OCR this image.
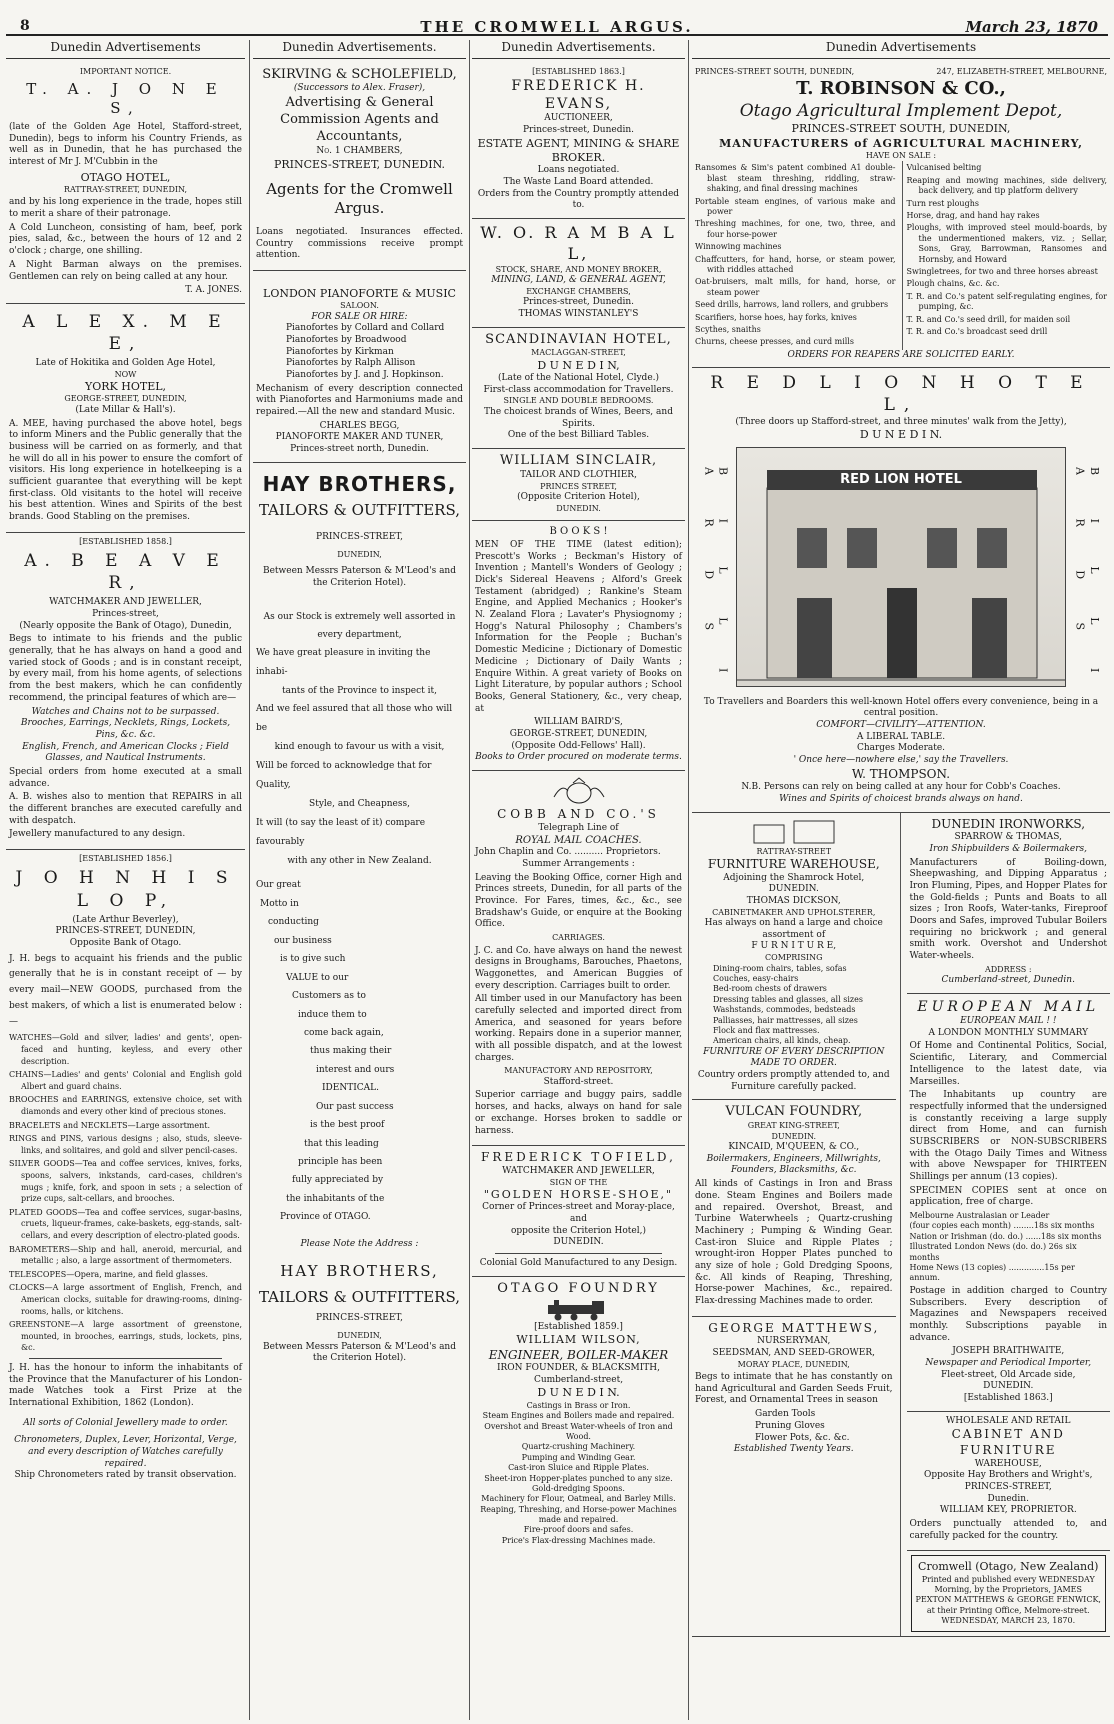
8	THE CROMWELL ARGUS.	March 23, 1870
Dunedin Advertisements
IMPORTANT NOTICE.
T. A. J O N E S,

(late of the Golden Age Hotel, Stafford-street, Dunedin), begs to inform his Country Friends, as well as in Dunedin, that he has purchased the interest of Mr J. M'Cubbin in the

OTAGO HOTEL,
RATTRAY-STREET, DUNEDIN,

and by his long experience in the trade, hopes still to merit a share of their patronage.

A Cold Luncheon, consisting of ham, beef, pork pies, salad, &c., between the hours of 12 and 2 o'clock ; charge, one shilling.

A Night Barman always on the premises. Gentlemen can rely on being called at any hour.

T. A. JONES.
A L E X. M E E,
Late of Hokitika and Golden Age Hotel,
NOW
YORK HOTEL,
GEORGE-STREET, DUNEDIN,
(Late Millar & Hall's).

A. MEE, having purchased the above hotel, begs to inform Miners and the Public generally that the business will be carried on as formerly, and that he will do all in his power to ensure the comfort of visitors. His long experience in hotelkeeping is a sufficient guarantee that everything will be kept first-class. Old visitants to the hotel will receive his best attention. Wines and Spirits of the best brands. Good Stabling on the premises.

[ESTABLISHED 1858.]
A. B E A V E R,
WATCHMAKER AND JEWELLER,
Princes-street,
(Nearly opposite the Bank of Otago), Dunedin,

Begs to intimate to his friends and the public generally, that he has always on hand a good and varied stock of Goods ; and is in constant receipt, by every mail, from his home agents, of selections from the best makers, which he can confidently recommend, the principal features of which are—

Watches and Chains not to be surpassed.
Brooches, Earrings, Necklets, Rings, Lockets, Pins, &c. &c.
English, French, and American Clocks ; Field Glasses, and Nautical Instruments.

Special orders from home executed at a small advance.

A. B. wishes also to mention that REPAIRS in all the different branches are executed carefully and with despatch.

Jewellery manufactured to any design.

[ESTABLISHED 1856.]
J O H N H I S L O P,
(Late Arthur Beverley),
PRINCES-STREET, DUNEDIN,
Opposite Bank of Otago.

J. H. begs to acquaint his friends and the public generally that he is in constant receipt of — by every mail—NEW GOODS, purchased from the best makers, of which a list is enumerated below :—

WATCHES—Gold and silver, ladies' and gents', open-faced and hunting, keyless, and every other description.

CHAINS—Ladies' and gents' Colonial and English gold Albert and guard chains.

BROOCHES and EARRINGS, extensive choice, set with diamonds and every other kind of precious stones.

BRACELETS and NECKLETS—Large assortment.

RINGS and PINS, various designs ; also, studs, sleeve-links, and solitaires, and gold and silver pencil-cases.

SILVER GOODS—Tea and coffee services, knives, forks, spoons, salvers, inkstands, card-cases, children's mugs ; knife, fork, and spoon in sets ; a selection of prize cups, salt-cellars, and brooches.

PLATED GOODS—Tea and coffee services, sugar-basins, cruets, liqueur-frames, cake-baskets, egg-stands, salt-cellars, and every description of electro-plated goods.

BAROMETERS—Ship and hall, aneroid, mercurial, and metallic ; also, a large assortment of thermometers.

TELESCOPES—Opera, marine, and field glasses.

CLOCKS—A large assortment of English, French, and American clocks, suitable for drawing-rooms, dining-rooms, halls, or kitchens.

GREENSTONE—A large assortment of greenstone, mounted, in brooches, earrings, studs, lockets, pins, &c.

J. H. has the honour to inform the inhabitants of the Province that the Manufacturer of his London-made Watches took a First Prize at the International Exhibition, 1862 (London).

All sorts of Colonial Jewellery made to order.
Chronometers, Duplex, Lever, Horizontal, Verge, and every description of Watches carefully repaired.
Ship Chronometers rated by transit observation.
Dunedin Advertisements.
SKIRVING & SCHOLEFIELD,
(Successors to Alex. Fraser),
Advertising & General Commission Agents and Accountants,
No. 1 CHAMBERS,
PRINCES-STREET, DUNEDIN.
Agents for the Cromwell Argus.

Loans negotiated. Insurances effected. Country commissions receive prompt attention.

LONDON PIANOFORTE & MUSIC
SALOON.
FOR SALE OR HIRE:
Pianofortes by Collard and Collard
Pianofortes by Broadwood
Pianofortes by Kirkman
Pianofortes by Ralph Allison
Pianofortes by J. and J. Hopkinson.

Mechanism of every description connected with Pianofortes and Harmoniums made and repaired.—All the new and standard Music.

CHARLES BEGG,
PIANOFORTE MAKER AND TUNER,
Princes-street north, Dunedin.
HAY BROTHERS,
TAILORS & OUTFITTERS,
PRINCES-STREET,
DUNEDIN,
Between Messrs Paterson & M'Leod's and the Criterion Hotel).
As our Stock is extremely well assorted in every department,
We have great pleasure in inviting the inhabi-
tants of the Province to inspect it,
And we feel assured that all those who will be
kind enough to favour us with a visit,
Will be forced to acknowledge that for Quality,
Style, and Cheapness,
It will (to say the least of it) compare favourably
with any other in New Zealand.
Our great
Motto in
conducting
our business
is to give such
VALUE to our
Customers as to
induce them to
come back again,
thus making their
interest and ours
IDENTICAL.
Our past success
is the best proof
that this leading
principle has been
fully appreciated by
the inhabitants of the
Province of OTAGO.
Please Note the Address :
HAY BROTHERS,
TAILORS & OUTFITTERS,
PRINCES-STREET,
DUNEDIN,
Between Messrs Paterson & M'Leod's and the Criterion Hotel).
Dunedin Advertisements.
[ESTABLISHED 1863.]
FREDERICK H. EVANS,
AUCTIONEER,
Princes-street, Dunedin.
ESTATE AGENT, MINING & SHARE BROKER.
Loans negotiated.
The Waste Land Board attended.
Orders from the Country promptly attended to.
W. O. R A M B A L L,
STOCK, SHARE, AND MONEY BROKER,
MINING, LAND, & GENERAL AGENT,
EXCHANGE CHAMBERS,
Princes-street, Dunedin.
THOMAS WINSTANLEY'S
SCANDINAVIAN HOTEL,
MACLAGGAN-STREET,
D U N E D I N,
(Late of the National Hotel, Clyde.)
First-class accommodation for Travellers.
SINGLE AND DOUBLE BEDROOMS.
The choicest brands of Wines, Beers, and Spirits.
One of the best Billiard Tables.
WILLIAM SINCLAIR,
TAILOR AND CLOTHIER,
PRINCES STREET,
(Opposite Criterion Hotel),
DUNEDIN.
B O O K S !

MEN OF THE TIME (latest edition); Prescott's Works ; Beckman's History of Invention ; Mantell's Wonders of Geology ; Dick's Sidereal Heavens ; Alford's Greek Testament (abridged) ; Rankine's Steam Engine, and Applied Mechanics ; Hooker's N. Zealand Flora ; Lavater's Physiognomy ; Hogg's Natural Philosophy ; Chambers's Information for the People ; Buchan's Domestic Medicine ; Dictionary of Domestic Medicine ; Dictionary of Daily Wants ; Enquire Within. A great variety of Books on Light Literature, by popular authors ; School Books, General Stationery, &c., very cheap, at

WILLIAM BAIRD'S,
GEORGE-STREET, DUNEDIN,
(Opposite Odd-Fellows' Hall).
Books to Order procured on moderate terms.
COBB AND CO.'S
Telegraph Line of
ROYAL MAIL COACHES.
John Chaplin and Co. .......... Proprietors.
Summer Arrangements :

Leaving the Booking Office, corner High and Princes streets, Dunedin, for all parts of the Province. For Fares, times, &c., &c., see Bradshaw's Guide, or enquire at the Booking Office.

CARRIAGES.

J. C. and Co. have always on hand the newest designs in Broughams, Barouches, Phaetons, Waggonettes, and American Buggies of every description. Carriages built to order.

All timber used in our Manufactory has been carefully selected and imported direct from America, and seasoned for years before working. Repairs done in a superior manner, with all possible dispatch, and at the lowest charges.

MANUFACTORY AND REPOSITORY,
Stafford-street.

Superior carriage and buggy pairs, saddle horses, and hacks, always on hand for sale or exchange. Horses broken to saddle or harness.

FREDERICK TOFIELD,
WATCHMAKER AND JEWELLER,
SIGN OF THE
"GOLDEN HORSE-SHOE,"
Corner of Princes-street and Moray-place, and
opposite the Criterion Hotel,)
DUNEDIN.
Colonial Gold Manufactured to any Design.
OTAGO FOUNDRY
[Established 1859.]
WILLIAM WILSON,
ENGINEER, BOILER-MAKER
IRON FOUNDER, & BLACKSMITH,
Cumberland-street,
D U N E D I N.
Castings in Brass or Iron.
Steam Engines and Boilers made and repaired.
Overshot and Breast Water-wheels of Iron and Wood.
Quartz-crushing Machinery.
Pumping and Winding Gear.
Cast-iron Sluice and Ripple Plates.
Sheet-iron Hopper-plates punched to any size.
Gold-dredging Spoons.
Machinery for Flour, Oatmeal, and Barley Mills.
Reaping, Threshing, and Horse-power Machines made and repaired.
Fire-proof doors and safes.
Price's Flax-dressing Machines made.
Dunedin Advertisements
PRINCES-STREET SOUTH, DUNEDIN,	247, ELIZABETH-STREET, MELBOURNE,
T. ROBINSON & CO.,
Otago Agricultural Implement Depot,
PRINCES-STREET SOUTH, DUNEDIN,
MANUFACTURERS of AGRICULTURAL MACHINERY,
HAVE ON SALE :

Ransomes & Sim's patent combined A1 double-blast steam threshing, riddling, straw-shaking, and final dressing machines

Portable steam engines, of various make and power

Threshing machines, for one, two, three, and four horse-power

Winnowing machines

Chaffcutters, for hand, horse, or steam power, with riddles attached

Oat-bruisers, malt mills, for hand, horse, or steam power

Seed drills, harrows, land rollers, and grubbers

Scarifiers, horse hoes, hay forks, knives

Scythes, snaiths

Churns, cheese presses, and curd mills

Vulcanised belting

Reaping and mowing machines, side delivery, back delivery, and tip platform delivery

Turn rest ploughs

Horse, drag, and hand hay rakes

Ploughs, with improved steel mould-boards, by the undermentioned makers, viz. ; Sellar, Sons, Gray, Barrowman, Ransomes and Hornsby, and Howard

Swingletrees, for two and three horses abreast

Plough chains, &c. &c.

T. R. and Co.'s patent self-regulating engines, for pumping, &c.

T. R. and Co.'s seed drill, for maiden soil

T. R. and Co.'s broadcast seed drill

ORDERS FOR REAPERS ARE SOLICITED EARLY.
R E D L I O N H O T E L,
(Three doors up Stafford-street, and three minutes' walk from the Jetty),
D U N E D I N.
B I L L I A R D S	B I L L I A R D S
RED LION HOTEL
To Travellers and Boarders this well-known Hotel offers every convenience, being in a central position.
COMFORT—CIVILITY—ATTENTION.
A LIBERAL TABLE.
Charges Moderate.
' Once here—nowhere else,' say the Travellers.
W. THOMPSON.
N.B. Persons can rely on being called at any hour for Cobb's Coaches.
Wines and Spirits of choicest brands always on hand.
RATTRAY-STREET
FURNITURE WAREHOUSE,
Adjoining the Shamrock Hotel,
DUNEDIN.
THOMAS DICKSON,
CABINETMAKER AND UPHOLSTERER,
Has always on hand a large and choice assortment of
F U R N I T U R E,
COMPRISING
Dining-room chairs, tables, sofas
Couches, easy-chairs
Bed-room chests of drawers
Dressing tables and glasses, all sizes
Washstands, commodes, bedsteads
Palliasses, hair mattresses, all sizes
Flock and flax mattresses.
American chairs, all kinds, cheap.
FURNITURE OF EVERY DESCRIPTION MADE TO ORDER.
Country orders promptly attended to, and Furniture carefully packed.
VULCAN FOUNDRY,
GREAT KING-STREET,
DUNEDIN.
KINCAID, M'QUEEN, & CO.,
Boilermakers, Engineers, Millwrights, Founders, Blacksmiths, &c.

All kinds of Castings in Iron and Brass done. Steam Engines and Boilers made and repaired. Overshot, Breast, and Turbine Waterwheels ; Quartz-crushing Machinery ; Pumping & Winding Gear. Cast-iron Sluice and Ripple Plates ; wrought-iron Hopper Plates punched to any size of hole ; Gold Dredging Spoons, &c. All kinds of Reaping, Threshing, Horse-power Machines, &c., repaired. Flax-dressing Machines made to order.

GEORGE MATTHEWS,
NURSERYMAN,
SEEDSMAN, AND SEED-GROWER,
MORAY PLACE, DUNEDIN,

Begs to intimate that he has constantly on hand Agricultural and Garden Seeds Fruit, Forest, and Ornamental Trees in season

Garden Tools
Pruning Gloves
Flower Pots, &c. &c.
Established Twenty Years.
DUNEDIN IRONWORKS,
SPARROW & THOMAS,
Iron Shipbuilders & Boilermakers,

Manufacturers of Boiling-down, Sheepwashing, and Dipping Apparatus ; Iron Fluming, Pipes, and Hopper Plates for the Gold-fields ; Punts and Boats to all sizes ; Iron Roofs, Water-tanks, Fireproof Doors and Safes, improved Tubular Boilers requiring no brickwork ; and general smith work. Overshot and Undershot Water-wheels.

ADDRESS :
Cumberland-street, Dunedin.
EUROPEAN MAIL
EUROPEAN MAIL ! !
A LONDON MONTHLY SUMMARY

Of Home and Continental Politics, Social, Scientific, Literary, and Commercial Intelligence to the latest date, via Marseilles.

The Inhabitants up country are respectfully informed that the undersigned is constantly receiving a large supply direct from Home, and can furnish SUBSCRIBERS or NON-SUBSCRIBERS with the Otago Daily Times and Witness with above Newspaper for THIRTEEN Shillings per annum (13 copies).

SPECIMEN COPIES sent at once on application, free of charge.

Melbourne Australasian or Leader
(four copies each month) ........18s six months
Nation or Irishman (do. do.) ......18s six months
Illustrated London News (do. do.) 26s six months
Home News (13 copies) ..............15s per annum.

Postage in addition charged to Country Subscribers. Every description of Magazines and Newspapers received monthly. Subscriptions payable in advance.

JOSEPH BRAITHWAITE,
Newspaper and Periodical Importer,
Fleet-street, Old Arcade side,
DUNEDIN.
[Established 1863.]
WHOLESALE AND RETAIL
CABINET AND FURNITURE
WAREHOUSE,
Opposite Hay Brothers and Wright's,
PRINCES-STREET,
Dunedin.
WILLIAM KEY, PROPRIETOR.

Orders punctually attended to, and carefully packed for the country.

Cromwell (Otago, New Zealand)

Printed and published every WEDNESDAY Morning, by the Proprietors, JAMES PEXTON MATTHEWS & GEORGE FENWICK, at their Printing Office, Melmore-street.

WEDNESDAY, MARCH 23, 1870.
